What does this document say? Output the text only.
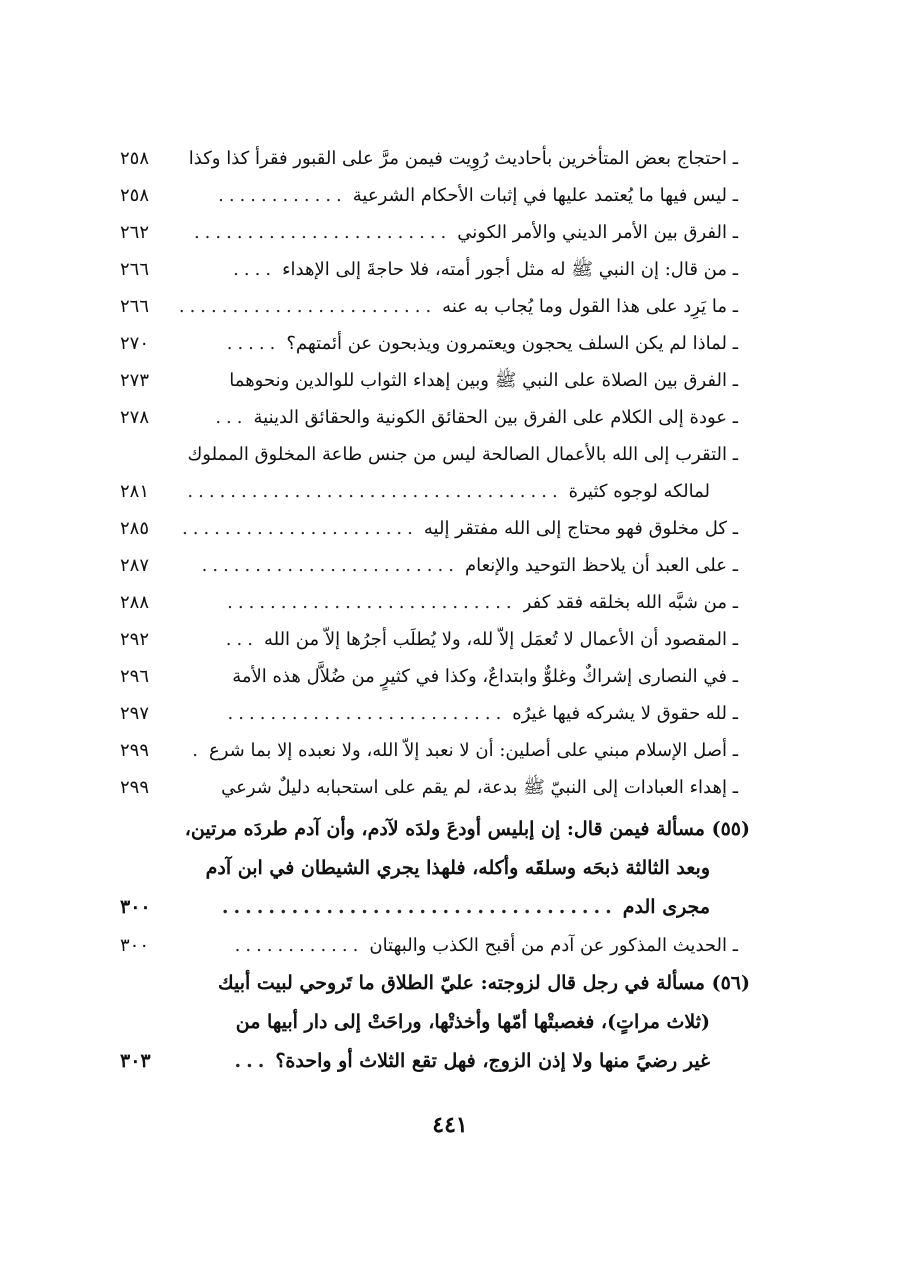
ـ احتجاج بعض المتأخرين بأحاديث رُوِيت فيمن مرَّ على القبور فقرأ كذا وكذا
٢٥٨
ـ ليس فيها ما يُعتمد عليها في إثبات الأحكام الشرعية
............
٢٥٨
ـ الفرق بين الأمر الديني والأمر الكوني
........................
٢٦٢
ـ من قال: إن النبي ﷺ له مثل أجور أمته، فلا حاجةَ إلى الإهداء
....
٢٦٦
ـ ما يَرِد على هذا القول وما يُجاب به عنه
........................
٢٦٦
ـ لماذا لم يكن السلف يحجون ويعتمرون ويذبحون عن أئمتهم؟
.....
٢٧٠
ـ الفرق بين الصلاة على النبي ﷺ وبين إهداء الثواب للوالدين ونحوهما
٢٧٣
ـ عودة إلى الكلام على الفرق بين الحقائق الكونية والحقائق الدينية
...
٢٧٨
ـ التقرب إلى الله بالأعمال الصالحة ليس من جنس طاعة المخلوق المملوك
لمالكه لوجوه كثيرة
...................................
٢٨١
ـ كل مخلوق فهو محتاج إلى الله مفتقر إليه
......................
٢٨٥
ـ على العبد أن يلاحظ التوحيد والإنعام
........................
٢٨٧
ـ من شبَّه الله بخلقه فقد كفر
...........................
٢٨٨
ـ المقصود أن الأعمال لا تُعمَل إلاّ لله، ولا يُطلَب أجرُها إلاّ من الله
...
٢٩٢
ـ في النصارى إشراكٌ وغلوٌّ وابتداعٌ، وكذا في كثيرٍ من ضُلاَّل هذه الأمة
٢٩٦
ـ لله حقوق لا يشركه فيها غيرُه
..........................
٢٩٧
ـ أصل الإسلام مبني على أصلين: أن لا نعبد إلاّ الله، ولا نعبده إلا بما شرع
.
٢٩٩
ـ إهداء العبادات إلى النبيّ ﷺ بدعة، لم يقم على استحبابه دليلٌ شرعي
٢٩٩
(٥٥) مسألة فيمن قال: إن إبليس أودعَ ولدَه لآدم، وأن آدم طردَه مرتين،
وبعد الثالثة ذبحَه وسلقَه وأكله، فلهذا يجري الشيطان في ابن آدم
مجرى الدم
..................................
٣٠٠
ـ الحديث المذكور عن آدم من أقبح الكذب والبهتان
............
٣٠٠
(٥٦) مسألة في رجل قال لزوجته: عليّ الطلاق ما تَروحي لبيت أبيك
(ثلاث مراتٍ)، فغصبتْها أمّها وأخذتْها، وراحَتْ إلى دار أبيها من
غير رضيً منها ولا إذن الزوج، فهل تقع الثلاث أو واحدة؟
...
٣٠٣
٤٤١
